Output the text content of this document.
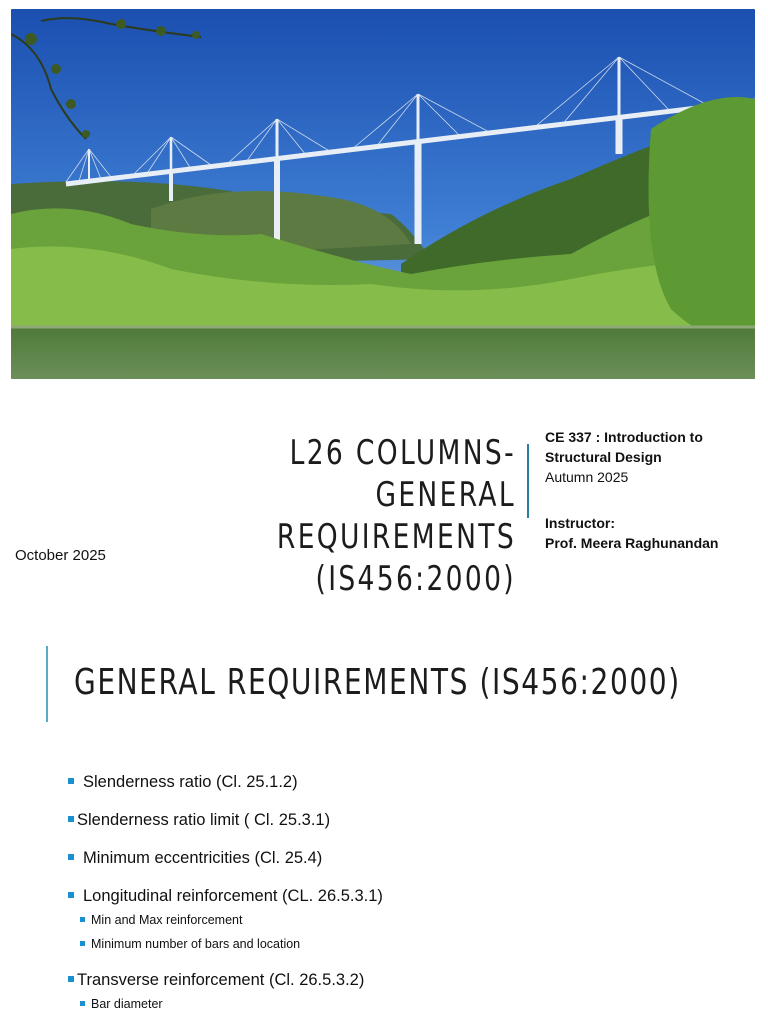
L26 COLUMNS-GENERAL REQUIREMENTS (IS456:2000)
CE 337 : Introduction to
Structural Design
Autumn 2025
Instructor:
Prof. Meera Raghunandan
October 2025
GENERAL REQUIREMENTS (IS456:2000)
Slenderness ratio (Cl. 25.1.2)
Slenderness ratio limit ( Cl. 25.3.1)
Minimum eccentricities (Cl. 25.4)
Longitudinal reinforcement (CL. 26.5.3.1)
Min and Max reinforcement
Minimum number of bars and location
Transverse reinforcement (Cl. 26.5.3.2)
Bar diameter
